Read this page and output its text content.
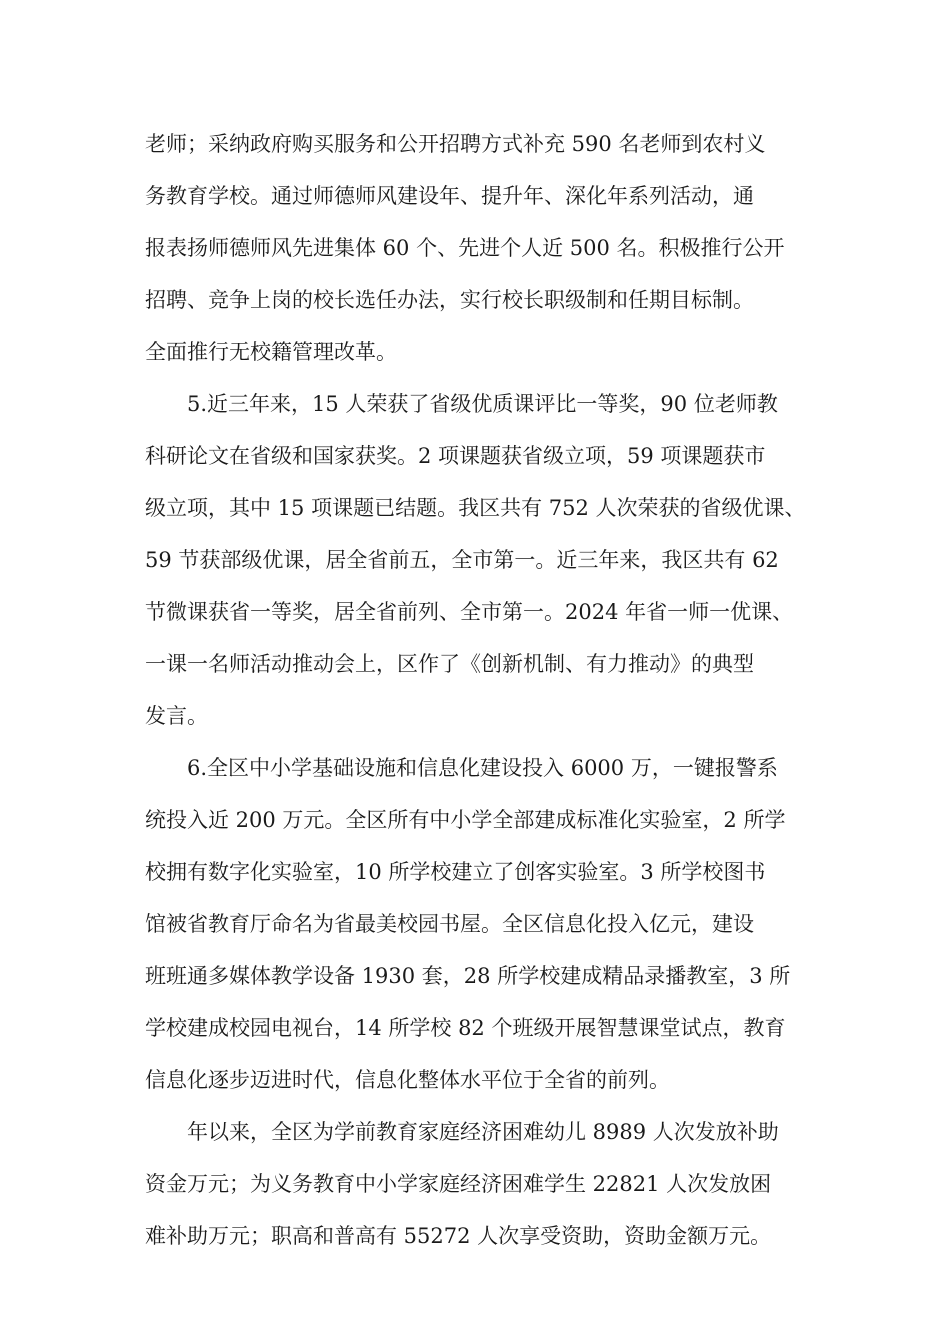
老师；采纳政府购买服务和公开招聘方式补充 590 名老师到农村义
务教育学校。通过师德师风建设年、提升年、深化年系列活动，通
报表扬师德师风先进集体 60 个、先进个人近 500 名。积极推行公开
招聘、竞争上岗的校长选任办法，实行校长职级制和任期目标制。
全面推行无校籍管理改革。
　　5.近三年来，15 人荣获了省级优质课评比一等奖，90 位老师教
科研论文在省级和国家获奖。2 项课题获省级立项，59 项课题获市
级立项，其中 15 项课题已结题。我区共有 752 人次荣获的省级优课、
59 节获部级优课，居全省前五，全市第一。近三年来，我区共有 62
节微课获省一等奖，居全省前列、全市第一。2024 年省一师一优课、
一课一名师活动推动会上，区作了《创新机制、有力推动》的典型
发言。
　　6.全区中小学基础设施和信息化建设投入 6000 万，一键报警系
统投入近 200 万元。全区所有中小学全部建成标准化实验室，2 所学
校拥有数字化实验室，10 所学校建立了创客实验室。3 所学校图书
馆被省教育厅命名为省最美校园书屋。全区信息化投入亿元，建设
班班通多媒体教学设备 1930 套，28 所学校建成精品录播教室，3 所
学校建成校园电视台，14 所学校 82 个班级开展智慧课堂试点，教育
信息化逐步迈进时代，信息化整体水平位于全省的前列。
　　年以来，全区为学前教育家庭经济困难幼儿 8989 人次发放补助
资金万元；为义务教育中小学家庭经济困难学生 22821 人次发放困
难补助万元；职高和普高有 55272 人次享受资助，资助金额万元。
